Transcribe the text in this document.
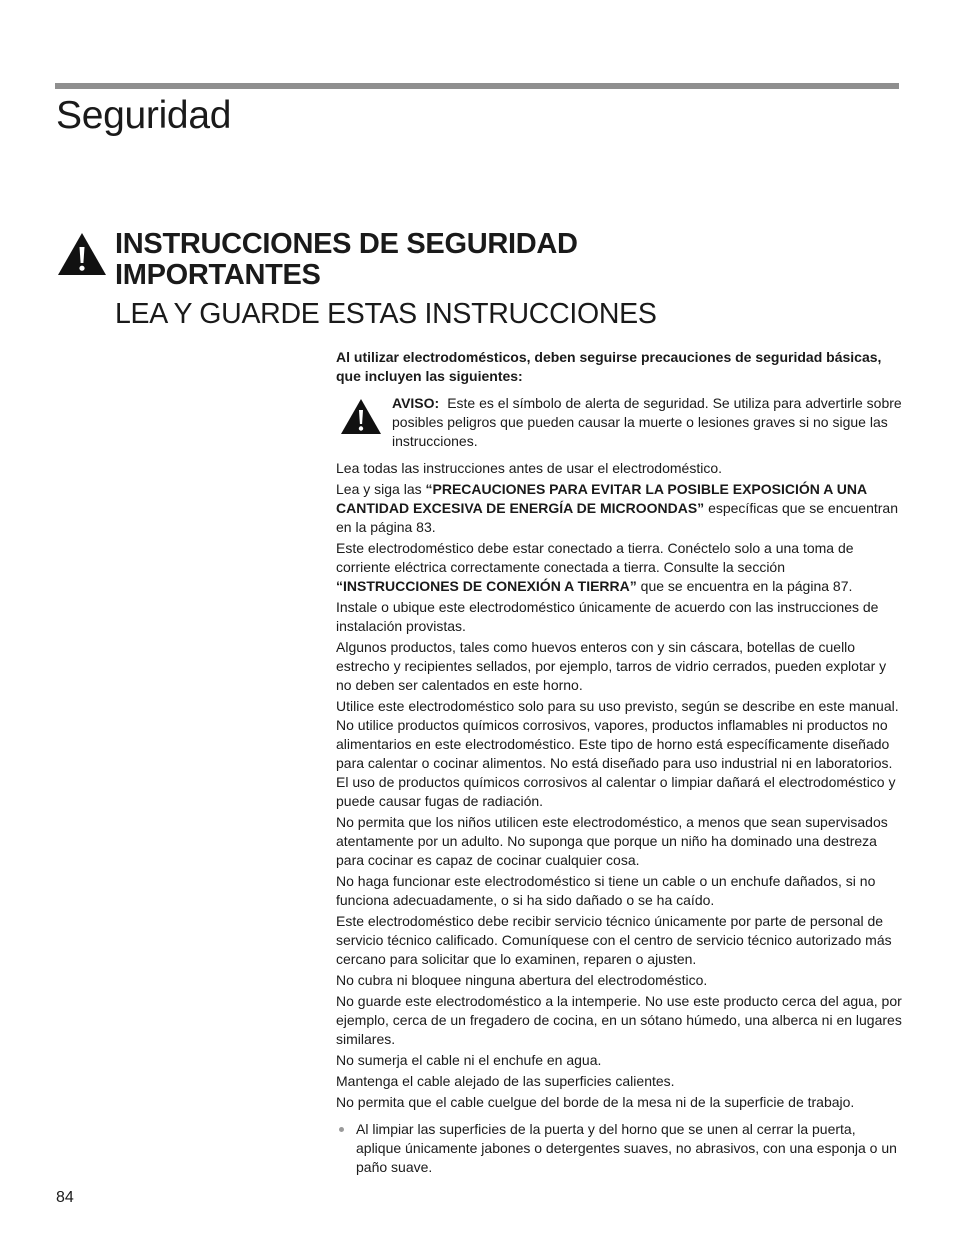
Seguridad
INSTRUCCIONES DE SEGURIDAD
IMPORTANTES
LEA Y GUARDE ESTAS INSTRUCCIONES

Al utilizar electrodomésticos, deben seguirse precauciones de seguridad básicas, que incluyen las siguientes:

AVISO: Este es el símbolo de alerta de seguridad. Se utiliza para advertirle sobre posibles peligros que pueden causar la muerte o lesiones graves si no sigue las instrucciones.

Lea todas las instrucciones antes de usar el electrodoméstico.

Lea y siga las “PRECAUCIONES PARA EVITAR LA POSIBLE EXPOSICIÓN A UNA CANTIDAD EXCESIVA DE ENERGÍA DE MICROONDAS” específicas que se encuentran en la página 83.

Este electrodoméstico debe estar conectado a tierra. Conéctelo solo a una toma de corriente eléctrica correctamente conectada a tierra. Consulte la sección “INSTRUCCIONES DE CONEXIÓN A TIERRA” que se encuentra en la página 87.

Instale o ubique este electrodoméstico únicamente de acuerdo con las instrucciones de instalación provistas.

Algunos productos, tales como huevos enteros con y sin cáscara, botellas de cuello estrecho y recipientes sellados, por ejemplo, tarros de vidrio cerrados, pueden explotar y no deben ser calentados en este horno.

Utilice este electrodoméstico solo para su uso previsto, según se describe en este manual. No utilice productos químicos corrosivos, vapores, productos inflamables ni productos no alimentarios en este electrodoméstico. Este tipo de horno está específicamente diseñado para calentar o cocinar alimentos. No está diseñado para uso industrial ni en laboratorios. El uso de productos químicos corrosivos al calentar o limpiar dañará el electrodoméstico y puede causar fugas de radiación.

No permita que los niños utilicen este electrodoméstico, a menos que sean supervisados atentamente por un adulto. No suponga que porque un niño ha dominado una destreza para cocinar es capaz de cocinar cualquier cosa.

No haga funcionar este electrodoméstico si tiene un cable o un enchufe dañados, si no funciona adecuadamente, o si ha sido dañado o se ha caído.

Este electrodoméstico debe recibir servicio técnico únicamente por parte de personal de servicio técnico calificado. Comuníquese con el centro de servicio técnico autorizado más cercano para solicitar que lo examinen, reparen o ajusten.

No cubra ni bloquee ninguna abertura del electrodoméstico.

No guarde este electrodoméstico a la intemperie. No use este producto cerca del agua, por ejemplo, cerca de un fregadero de cocina, en un sótano húmedo, una alberca ni en lugares similares.

No sumerja el cable ni el enchufe en agua.

Mantenga el cable alejado de las superficies calientes.

No permita que el cable cuelgue del borde de la mesa ni de la superficie de trabajo.

Al limpiar las superficies de la puerta y del horno que se unen al cerrar la puerta, aplique únicamente jabones o detergentes suaves, no abrasivos, con una esponja o un paño suave.

84
